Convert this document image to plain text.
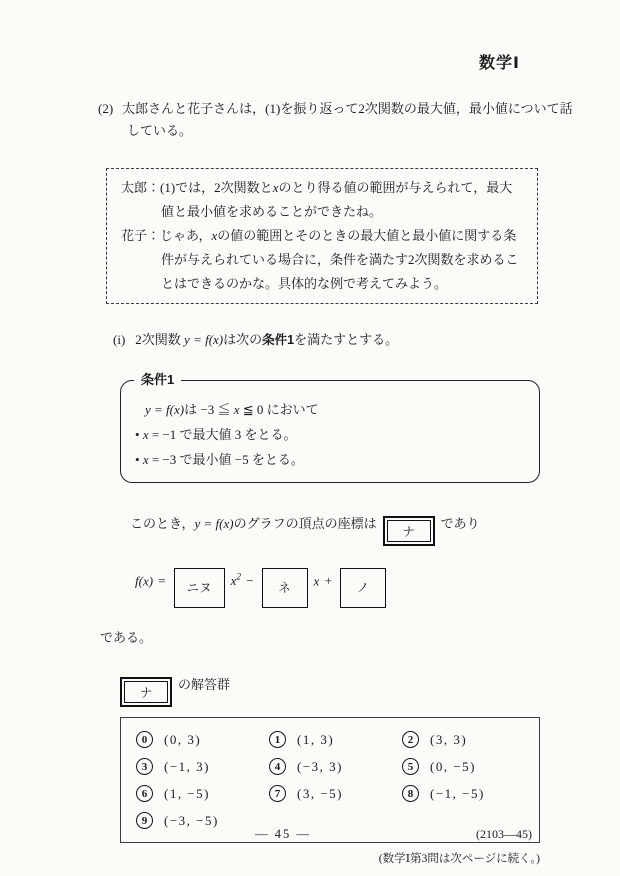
数学Ⅰ

(2) 太郎さんと花子さんは，(1)を振り返って2次関数の最大値，最小値について話している。

太郎：(1)では，2次関数とxのとり得る値の範囲が与えられて，最大値と最小値を求めることができたね。
花子：じゃあ，xの値の範囲とそのときの最大値と最小値に関する条件が与えられている場合に，条件を満たす2次関数を求めることはできるのかな。具体的な例で考えてみよう。
(i) 2次関数 y = f(x)は次の条件1を満たすとする。
条件1
y = f(x)は −3 ≦ x ≦ 0 において
• x = −1 で最大値 3 をとる。
• x = −3 で最小値 −5 をとる。
このとき，y = f(x)のグラフの頂点の座標はナであり
f(x) = ニヌ $x^2$ − ネ x + ノ
である。
ナの解答群
0	(0, 3)	1	(1, 3)	2	(3, 3)
3	(−1, 3)	4	(−3, 3)	5	(0, −5)
6	(1, −5)	7	(3, −5)	8	(−1, −5)
9	(−3, −5)
(数学Ⅰ第3問は次ページに続く。)
— 45 —	(2103—45)
